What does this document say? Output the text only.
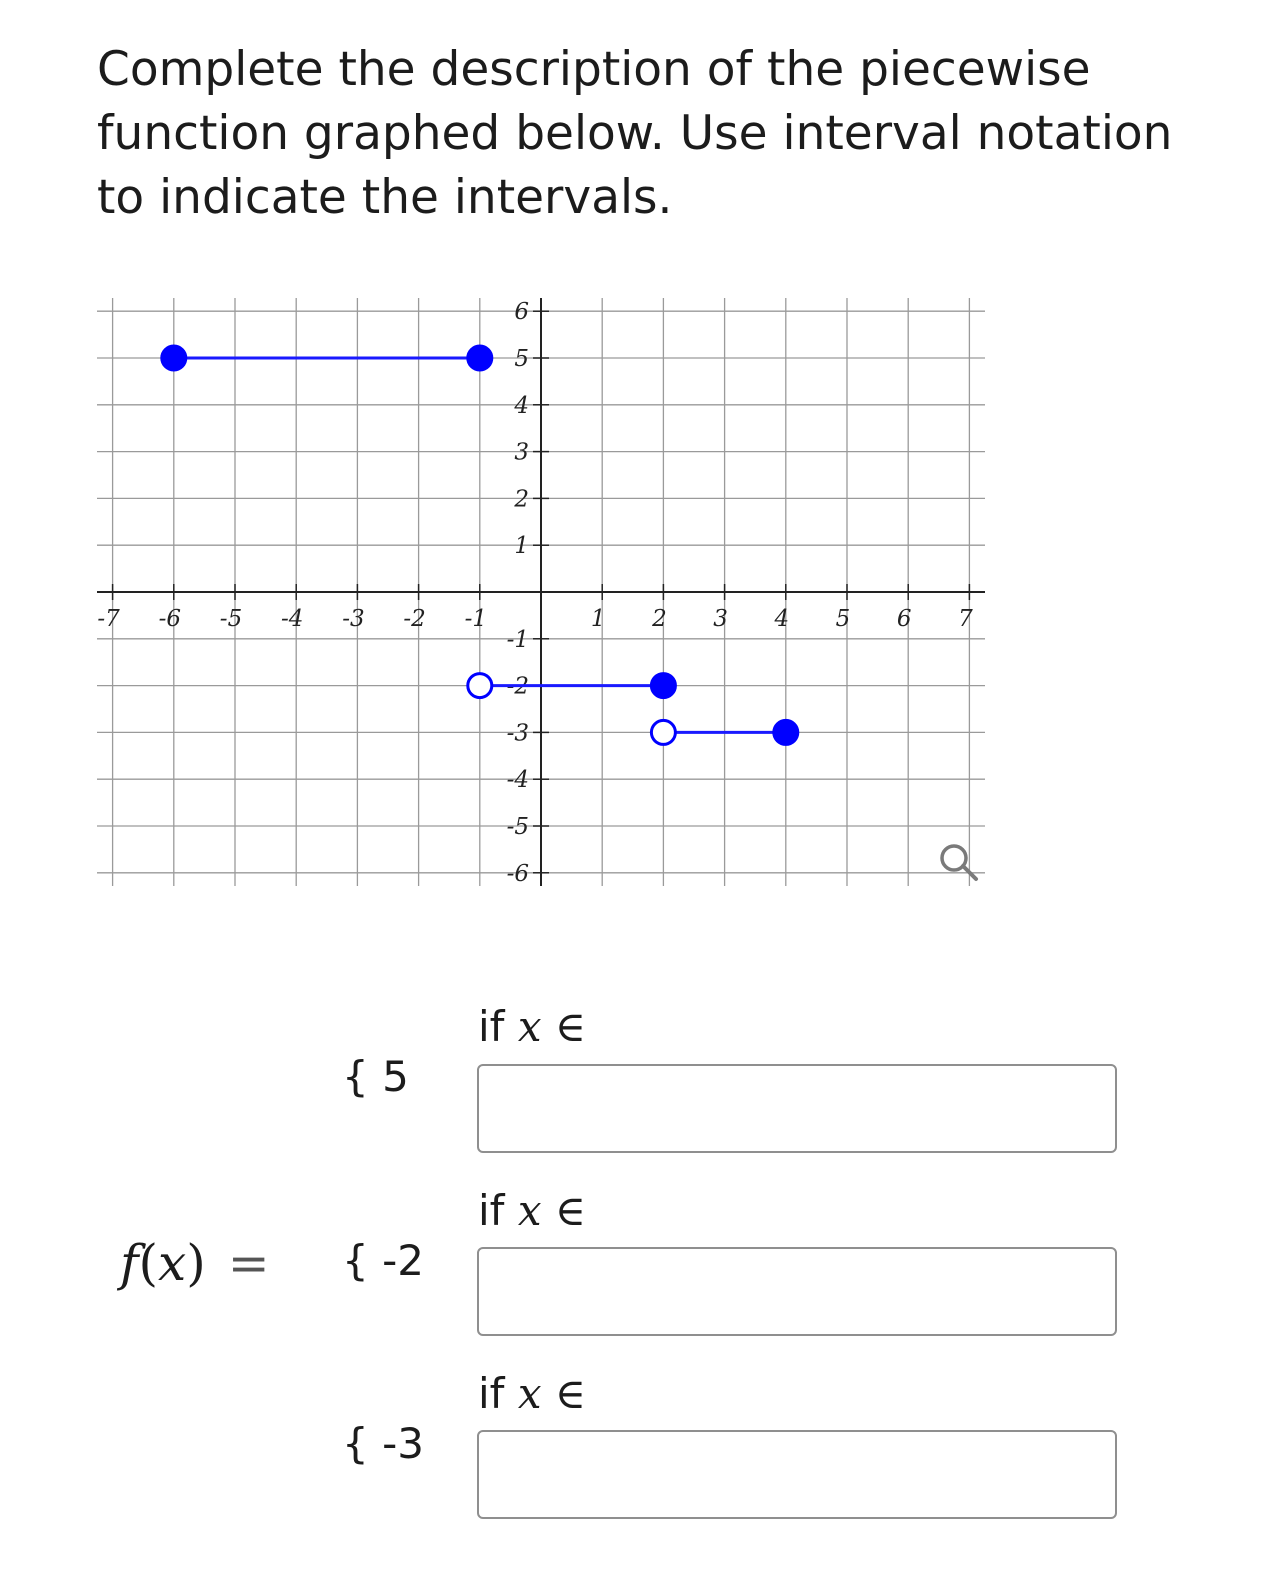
Complete the description of the piecewise function graphed below. Use interval notation to indicate the intervals.
-7 -6 -5 -4 -3 -2 -1	1 2 3 4 5 6 7
6
5
4
3
2
1
-1
-2
-3
-4
-5
-6
if x ∈
{ 5
if x ∈
{ -2
if x ∈
{ -3
f(x) =
